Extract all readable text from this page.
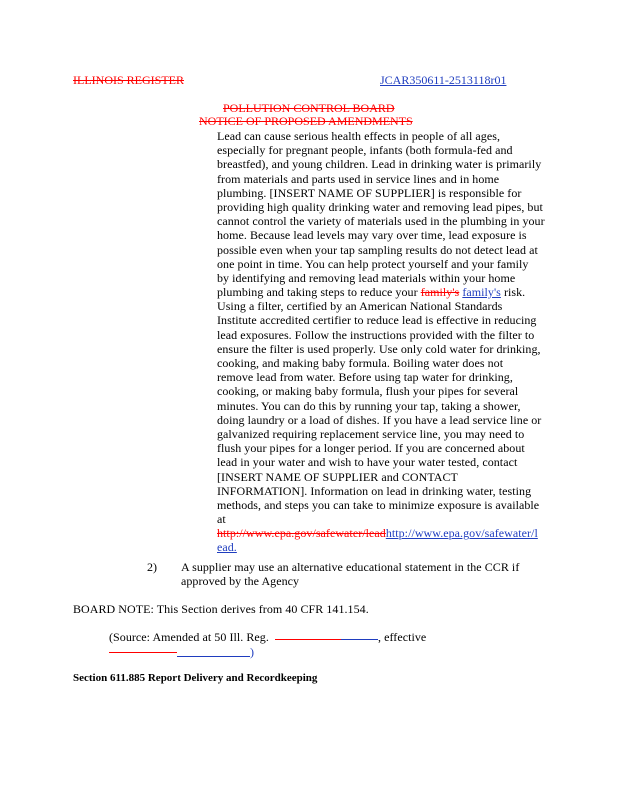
ILLINOIS REGISTER	JCAR350611-2513118r01
POLLUTION CONTROL BOARD
NOTICE OF PROPOSED AMENDMENTS
Lead can cause serious health effects in people of all ages,
especially for pregnant people, infants (both formula-fed and
breastfed), and young children. Lead in drinking water is primarily
from materials and parts used in service lines and in home
plumbing. [INSERT NAME OF SUPPLIER] is responsible for
providing high quality drinking water and removing lead pipes, but
cannot control the variety of materials used in the plumbing in your
home. Because lead levels may vary over time, lead exposure is
possible even when your tap sampling results do not detect lead at
one point in time. You can help protect yourself and your family
by identifying and removing lead materials within your home
plumbing and taking steps to reduce your family's family's risk.
Using a filter, certified by an American National Standards
Institute accredited certifier to reduce lead is effective in reducing
lead exposures. Follow the instructions provided with the filter to
ensure the filter is used properly. Use only cold water for drinking,
cooking, and making baby formula. Boiling water does not
remove lead from water. Before using tap water for drinking,
cooking, or making baby formula, flush your pipes for several
minutes. You can do this by running your tap, taking a shower,
doing laundry or a load of dishes. If you have a lead service line or
galvanized requiring replacement service line, you may need to
flush your pipes for a longer period. If you are concerned about
lead in your water and wish to have your water tested, contact
[INSERT NAME OF SUPPLIER and CONTACT
INFORMATION]. Information on lead in drinking water, testing
methods, and steps you can take to minimize exposure is available
at
http://www.epa.gov/safewater/leadhttp://www.epa.gov/safewater/l
ead.
2) A supplier may use an alternative educational statement in the CCR if
approved by the Agency
BOARD NOTE: This Section derives from 40 CFR 141.154.
(Source: Amended at 50 Ill. Reg.	, effective
)
Section 611.885 Report Delivery and Recordkeeping
